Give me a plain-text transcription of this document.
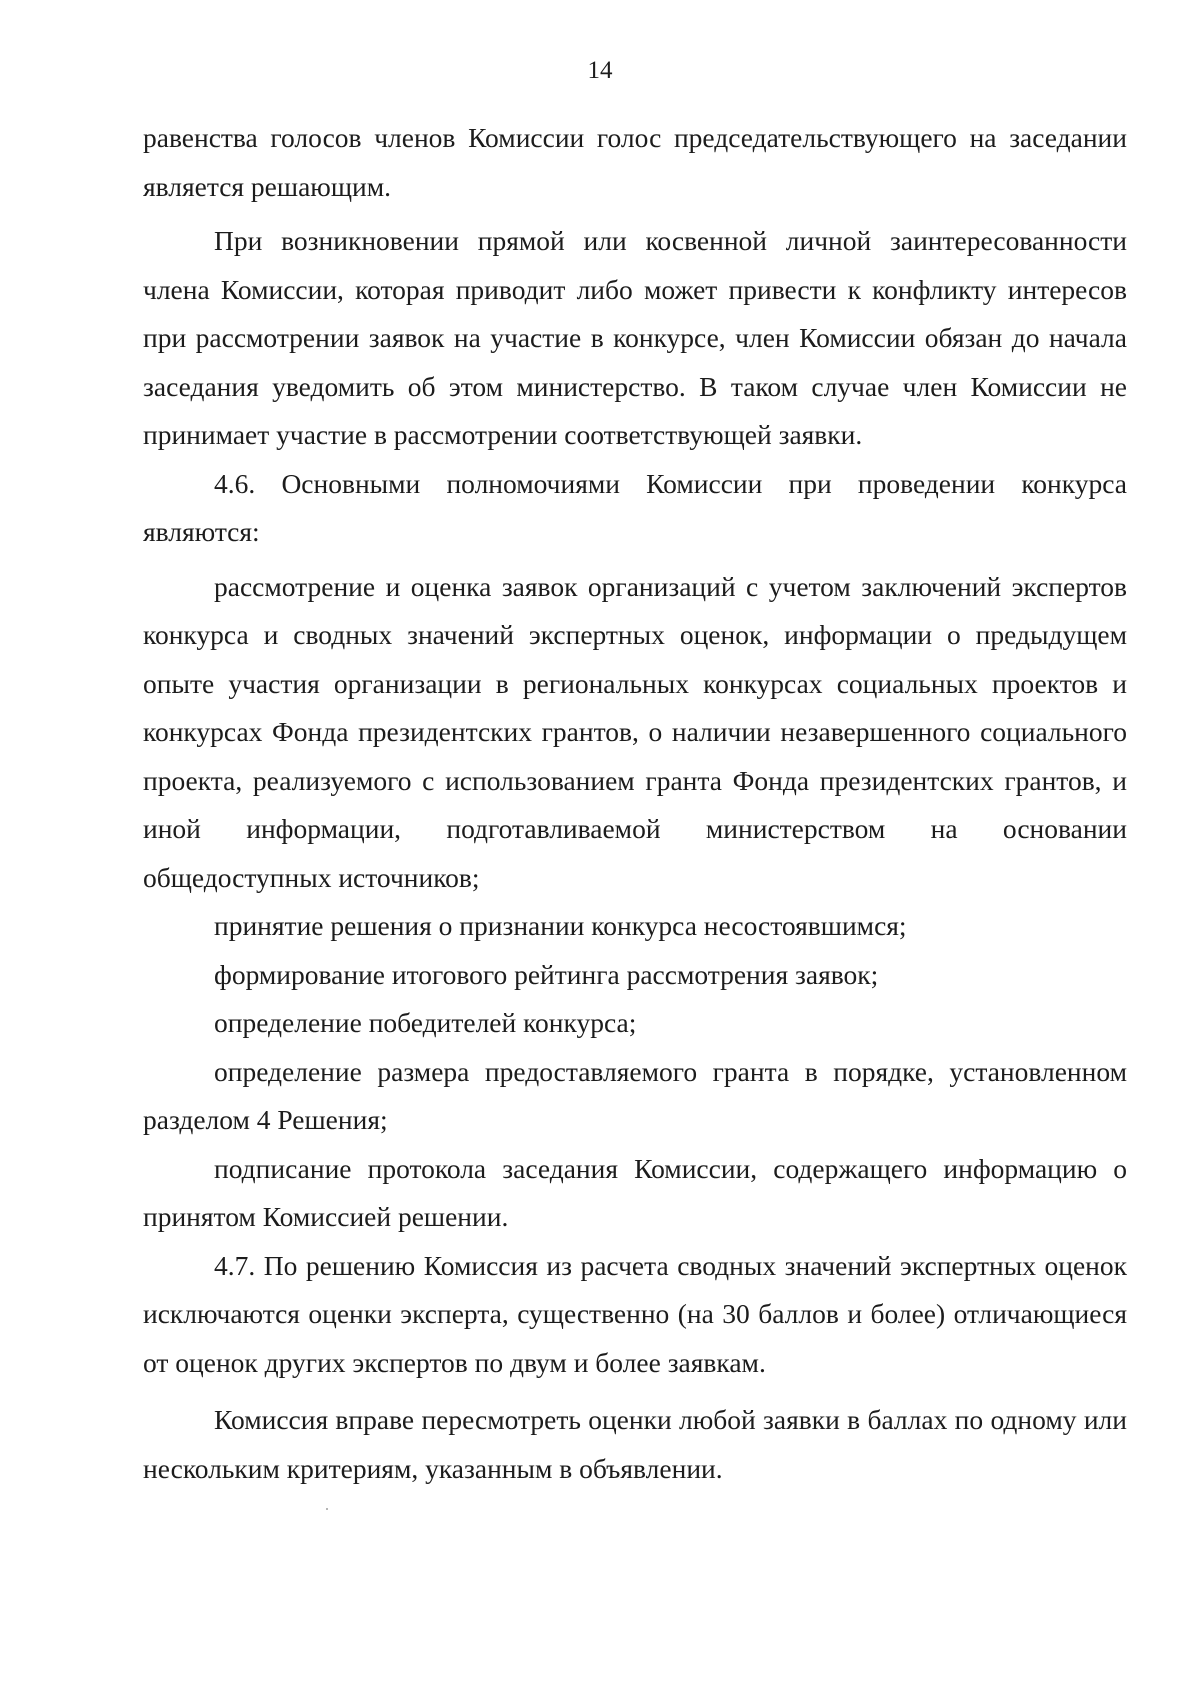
14

равенства голосов членов Комиссии голос председательствующего на заседании является решающим.

При возникновении прямой или косвенной личной заинтересованности члена Комиссии, которая приводит либо может привести к конфликту интересов при рассмотрении заявок на участие в конкурсе, член Комиссии обязан до начала заседания уведомить об этом министерство. В таком случае член Комиссии не принимает участие в рассмотрении соответствующей заявки.

4.6. Основными полномочиями Комиссии при проведении конкурса являются:

рассмотрение и оценка заявок организаций с учетом заключений экспертов конкурса и сводных значений экспертных оценок, информации о предыдущем опыте участия организации в региональных конкурсах социальных проектов и конкурсах Фонда президентских грантов, о наличии незавершенного социального проекта, реализуемого с использованием гранта Фонда президентских грантов, и иной информации, подготавливаемой министерством на основании общедоступных источников;

принятие решения о признании конкурса несостоявшимся;

формирование итогового рейтинга рассмотрения заявок;

определение победителей конкурса;

определение размера предоставляемого гранта в порядке, установленном разделом 4 Решения;

подписание протокола заседания Комиссии, содержащего информацию о принятом Комиссией решении.

4.7. По решению Комиссия из расчета сводных значений экспертных оценок исключаются оценки эксперта, существенно (на 30 баллов и более) отличающиеся от оценок других экспертов по двум и более заявкам.

Комиссия вправе пересмотреть оценки любой заявки в баллах по одному или нескольким критериям, указанным в объявлении.
